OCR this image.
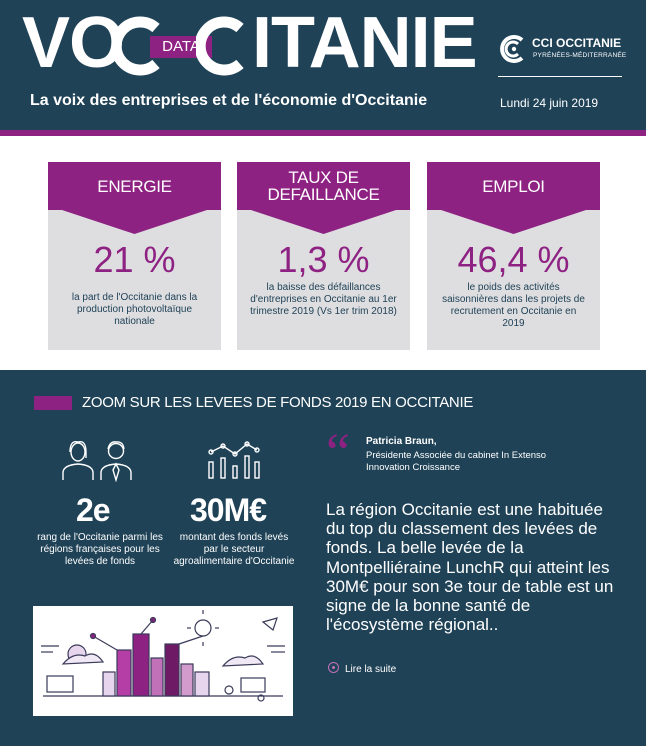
VO	DATA ITANIE	CCI OCCITANIE
PYRÉNÉES-MÉDITERRANÉE
La voix des entreprises et de l'économie d'Occitanie	Lundi 24 juin 2019
ENERGIE
21 %
la part de l'Occitanie dans la production photovoltaïque nationale
TAUX DE DEFAILLANCE
1,3 %
la baisse des défaillances d'entreprises en Occitanie au 1er trimestre 2019 (Vs 1er trim 2018)
EMPLOI
46,4 %
le poids des activités saisonnières dans les projets de recrutement en Occitanie en 2019
ZOOM SUR LES LEVEES DE FONDS 2019 EN OCCITANIE
2e
rang de l'Occitanie parmi les régions françaises pour les levées de fonds
30M€
montant des fonds levés par le secteur agroalimentaire d'Occitanie
“ Patricia Braun,
Présidente Associée du cabinet In Extenso Innovation Croissance
La région Occitanie est une habituée du top du classement des levées de fonds. La belle levée de la Montpelliéraine LunchR qui atteint les 30M€ pour son 3e tour de table est un signe de la bonne santé de l'écosystème régional..
Lire la suite
